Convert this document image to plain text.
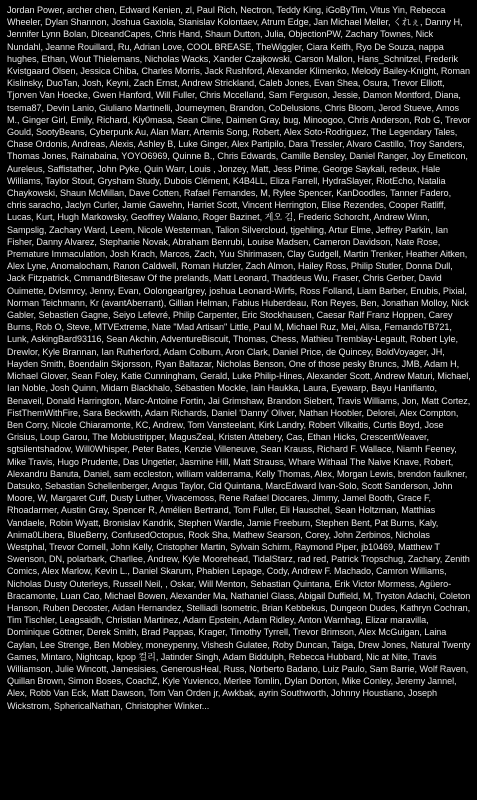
Jordan Power, archer chen, Edward Kenien, zl, Paul Rich, Nectron, Teddy King, iGoByTim, Vitus Yin, Rebecca Wheeler, Dylan Shannon, Joshua Gaxiola, Stanislav Kolontaev, Atrum Edge, Jan Michael Meller, くれぇ, Danny H, Jennifer Lynn Bolan, DiceandCapes, Chris Hand, Shaun Dutton, Julia, ObjectionPW, Zachary Townes, Nick Nundahl, Jeanne Rouillard, Ru, Adrian Love, COOL BREASE, TheWiggler, Ciara Keith, Ryo De Souza, nappa hughes, Ethan, Wout Thielemans, Nicholas Wacks, Xander Czajkowski, Carson Mallon, Hans_Schnitzel, Frederik Kvistgaard Olsen, Jessica Chiba, Charles Morris, Jack Rushford, Alexander Klimenko, Melody Bailey-Knight, Roman Kislinsky, DuoTan, Josh, Keyni, Zach Ernst, Andrew Strickland, Caleb Jones, Evan Shea, Osura, Trevor Elliott, Tjorven Van Hoecke, Gwen Hanford, Will Fuller, Chris Mccelland, Sam Ferguson, Jessie, Damon Montford, Diana, tsema87, Devin Lanio, Giuliano Martinelli, Journeymen, Brandon, CoDelusions, Chris Bloom, Jerod Stueve, Amos M., Ginger Girl, Emily, Richard, Kiy0masa, Sean Cline, Daimen Gray, bug, Minoogoo, Chris Anderson, Rob G, Trevor Gould, SootyBeans, Cyberpunk Au, Alan Marr, Artemis Song, Robert, Alex Soto-Rodriguez, The Legendary Tales, Chase Ordonis, Andreas, Alexis, Ashley B, Luke Ginger, Alex Partipilo, Dara Tressler, Alvaro Castillo, Troy Sanders, Thomas Jones, Rainabaina, YOYO6969, Quinne B., Chris Edwards, Camille Bensley, Daniel Ranger, Joy Emeticon, Aureleus, Saffistather, John Pyke, Quin Warr, Louis , Jonzey, Matt, Jess Prime, George Saykali, redeux, Hale Williams, Taylor Stout, Grysham Study, Dubois Clément, K4B4LL, Eliza Farrell, HydraSlayer, RiotEcho, Natalia Chaykowski, Shaun McMillan, Dave Cotten, Rafael Fernandes, M, Rylee Spencer, KanDoodles, Tanner Fadero, chris saracho, Jaclyn Curler, Jamie Gawehn, Harriet Scott, Vincent Herrington, Elise Rezendes, Cooper Ratliff, Lucas, Kurt, Hugh Markowsky, Geoffrey Walano, Roger Bazinet, 게오 김, Frederic Schorcht, Andrew Winn, Sampslig, Zachary Ward, Leem, Nicole Westerman, Talion Silvercloud, tjgehling, Artur Elme, Jeffrey Parkin, Ian Fisher, Danny Alvarez, Stephanie Novak, Abraham Benrubi, Louise Madsen, Cameron Davidson, Nate Rose, Premature Immaculation, Josh Krach, Marcos, Zach, Yuu Shirimasen, Clay Gudgell, Martin Trenker, Heather Aitken, Alex Lyne, Anomalocham, Ranon Caldwell, Roman Hutzler, Zach Almon, Hailey Ross, Philip Stutler, Donna Dull, Jack Fitzpatrick, CmmandrBitesaw Of the prelands, Matt Leonard, Thaddeus Wu, Fraser, Chris Gerber, David Ouimette, Dvlsmrcy, Jenny, Evan, Oolongearlgrey, joshua Leonard-Wirfs, Ross Folland, Liam Barber, Enubis, Pixial, Norman Teichmann, Kr (avantAberrant), Gillian Helman, Fabius Huberdeau, Ron Reyes, Ben, Jonathan Molloy, Nick Gabler, Sebastien Gagne, Seiyo Lefevré, Philip Carpenter, Eric Stockhausen, Caesar Ralf Franz Hoppen, Carey Burns, Rob O, Steve, MTVExtreme, Nate "Mad Artisan" Little, Paul M, Michael Ruz, Mei, Alisa, FernandoTB721, Lunk, AskingBard93116, Sean Akchin, AdventureBiscuit, Thomas, Chess, Mathieu Tremblay-Legault, Robert Lyle, Drewlor, Kyle Brannan, Ian Rutherford, Adam Colburn, Aron Clark, Daniel Price, de Quincey, BoldVoyager, JH, Hayden Smith, Boendalin Skjorsson, Ryan Baltazar, Nicholas Benson, One of those pesky Bruncs, JMB, Adam H, Michael Glover, Sean Foley, Katie Cunningham, Gerald, Luke Philip-Hines, Alexander Scott, Andrew Maturi, Michael, Ian Noble, Josh Quinn, Midarn Blackhalo, Sébastien Mockle, Iain Haukka, Laura, Eyewarp, Bayu Hanifianto, Benaveil, Donald Harrington, Marc-Antoine Fortin, Jai Grimshaw, Brandon Siebert, Travis Williams, Jon, Matt Cortez, FistThemWithFire, Sara Beckwith, Adam Richards, Daniel 'Danny' Oliver, Nathan Hoobler, Delorei, Alex Compton, Ben Corry, Nicole Chiaramonte, KC, Andrew, Tom Vansteelant, Kirk Landry, Robert Vilkaitis, Curtis Boyd, Jose Grisius, Loup Garou, The Mobiustripper, MagusZeal, Kristen Attebery, Cas, Ethan Hicks, CrescentWeaver, sgtsilentshadow, Will0Whisper, Peter Bates, Kenzie Villeneuve, Sean Krauss, Richard F. Wallace, Niamh Feeney, Mike Travis, Hugo Prudente, Das Ungetier, Jasmine Hill, Matt Strauss, Whare Withaal The Naive Knave, Robert, Alexandru Banuta, Daniel, sam eccleston, william valderrama, Kelly Thomas, Alex, Morgan Lewis, brendon faulkner, Datsuko, Sebastian Schellenberger, Angus Taylor, Cid Quintana, MarcEdward Ivan-Solo, Scott Sanderson, John Moore, W, Margaret Cuff, Dusty Luther, Vivacemoss, Rene Rafael Diocares, Jimmy, Jamel Booth, Grace F, Rhoadarmer, Austin Gray, Spencer R, Amélien Bertrand, Tom Fuller, Eli Hauschel, Sean Holtzman, Matthias Vandaele, Robin Wyatt, Bronislav Kandrik, Stephen Wardle, Jamie Freeburn, Stephen Bent, Pat Burns, Kaly, Anima0Libera, BlueBerry, ConfusedOctopus, Rook Sha, Mathew Searson, Corey, John Zerbinos, Nicholas Westphal, Trevor Cornell, John Kelly, Cristopher Martin, Sylvain Schirm, Raymond Piper, jb10469, Matthew T Swenson, DN, polarbark, Charllee, Andrew, Kyle Moorehead, TidalStarz, rad red, Patrick Tropschug, Zachary, Zenith Comics, Alex Marlow, Kevin L., Daniel Skarum, Phabien Lepage, Cody, Andrew F. Machado, Camron Williams, Nicholas Dusty Outerleys, Russell Neil, , Oskar, Will Menton, Sebastian Quintana, Erik Victor Mormess, Agüero-Bracamonte, Luan Cao, Michael Bowen, Alexander Ma, Nathaniel Glass, Abigail Duffield, M, Tryston Adachi, Coleton Hanson, Ruben Decoster, Aidan Hernandez, Stelliadi Isometric, Brian Kebbekus, Dungeon Dudes, Kathryn Cochran, Tim Tischler, Leagsaidh, Christian Martinez, Adam Epstein, Adam Ridley, Anton Warnhag, Elizar maravilla, Dominique Göttner, Derek Smith, Brad Pappas, Krager, Timothy Tyrrell, Trevor Brimson, Alex McGuigan, Laina Caylan, Lee Strenge, Ben Mobley, moneypenny, Vishesh Gulatee, Roby Duncan, Taiga, Drew Jones, Natural Twenty Games, Mintaro, Nightcap, kpop 컬리, Jatinder Singh, Adam Biddulph, Rebecca Hubbard, Nic at Nite, Travis Williamson, Julie Wincott, Jamesisies, GenerousHeal, Russ, Norberto Badano, Luiz Paulo, Sam Barrie, Wolf Raven, Quillan Brown, Simon Boses, CoachZ, Kyle Yuvienco, Merlee Tomlin, Dylan Dorton, Mike Conley, Jeremy Jannel, Alex, Robb Van Eck, Matt Dawson, Tom Van Orden jr, Awkbak, ayrin Southworth, Johnny Houstiano, Joseph Wickstrom, SphericalNathan, Christopher Winker...
